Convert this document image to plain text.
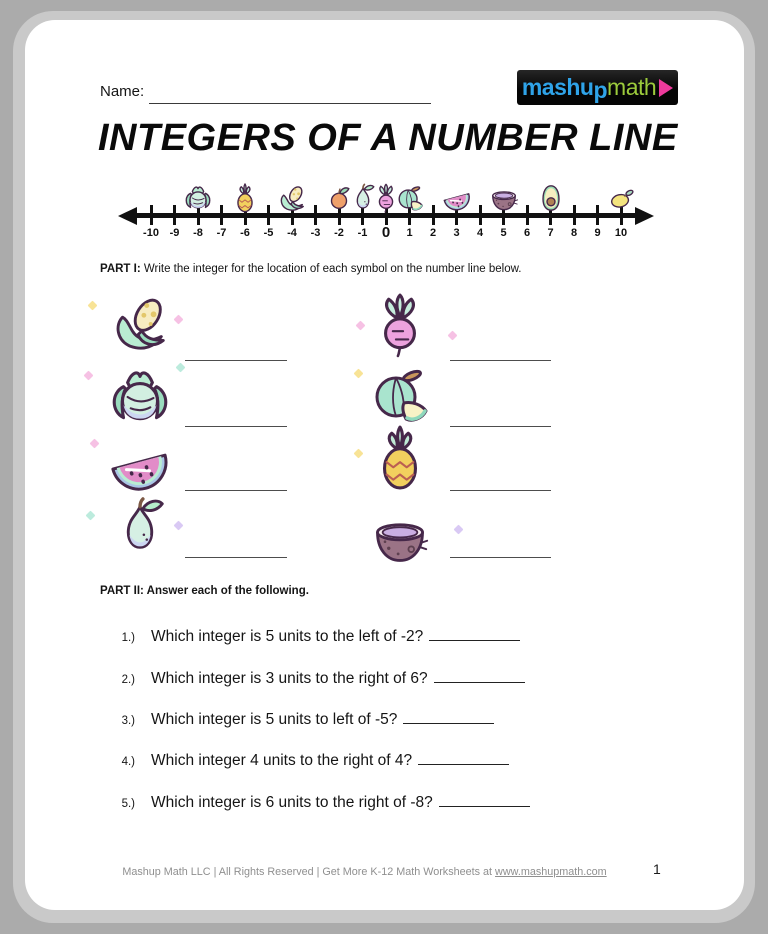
Name:	mashu p math
INTEGERS OF A NUMBER LINE
-10 -9	-8	-7	-6	-5	-4	-3	-2	-1 0	1	2	3	4	5	6	7	8	9	10

PART I: Write the integer for the location of each symbol on the number line below.

PART II: Answer each of the following.

1.) Which integer is 5 units to the left of -2?
2.) Which integer is 3 units to the right of 6?
3.) Which integer is 5 units to left of -5?
4.) Which integer 4 units to the right of 4?
5.) Which integer is 6 units to the right of -8?
Mashup Math LLC | All Rights Reserved | Get More K-12 Math Worksheets at www.mashupmath.com	1
